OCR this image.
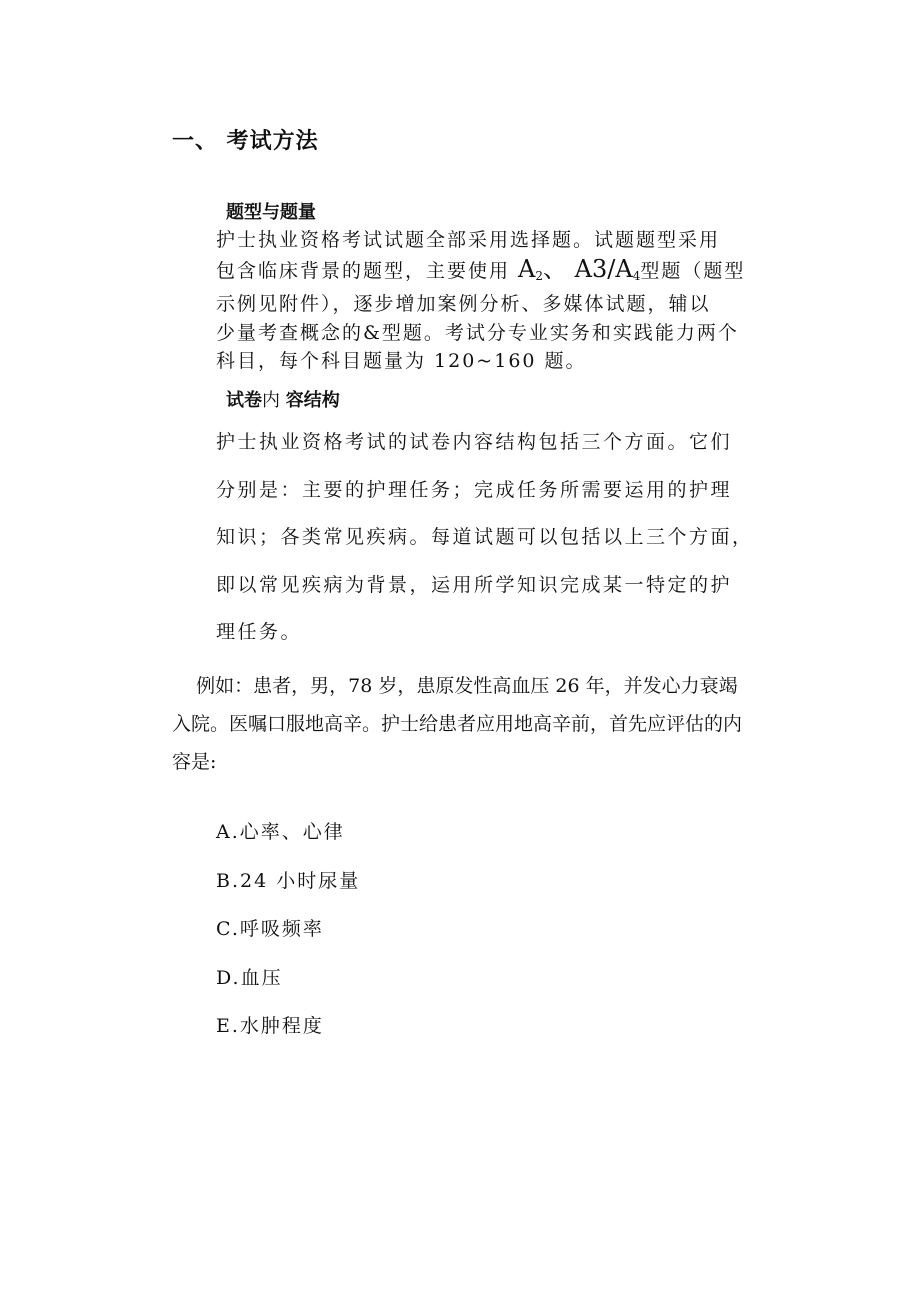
一、 考试方法
题型与题量

护士执业资格考试试题全部采用选择题。试题题型采用

包含临床背景的题型，主要使用 $A_2$、 $A3/A_4$型题（题型

示例见附件），逐步增加案例分析、多媒体试题，辅以

少量考查概念的&型题。考试分专业实务和实践能力两个

科目，每个科目题量为 120~160 题。

试卷内 容结构

护士执业资格考试的试卷内容结构包括三个方面。它们

分别是：主要的护理任务；完成任务所需要运用的护理

知识；各类常见疾病。每道试题可以包括以上三个方面，

即以常见疾病为背景，运用所学知识完成某一特定的护

理任务。

例如：患者，男，78 岁，患原发性高血压 26 年，并发心力衰竭

入院。医嘱口服地高辛。护士给患者应用地高辛前，首先应评估的内

容是:

A.心率、心律
B.24 小时尿量
C.呼吸频率
D.血压
E.水肿程度
